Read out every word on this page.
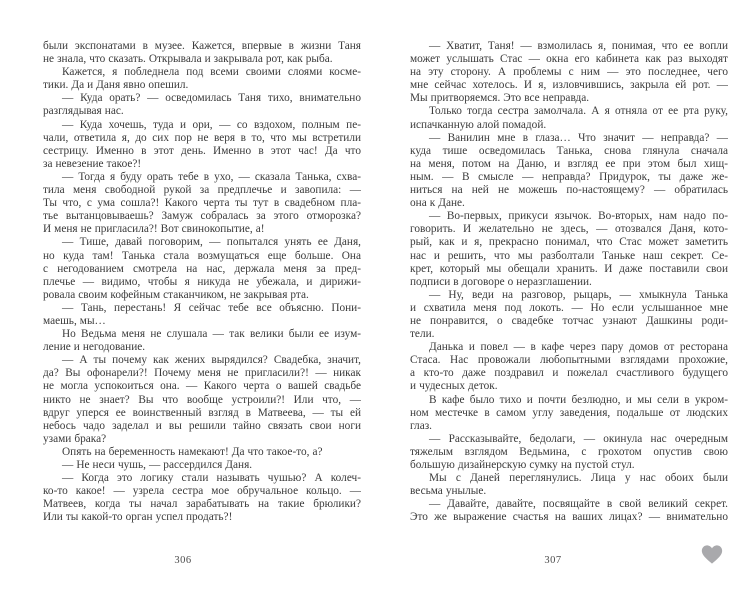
были экспонатами в музее. Кажется, впервые в жизни Таня
не знала, что сказать. Открывала и закрывала рот, как рыба.
Кажется, я побледнела под всеми своими слоями косме-
тики. Да и Даня явно опешил.
— Куда орать? — осведомилась Таня тихо, внимательно
разглядывая нас.
— Куда хочешь, туда и ори, — со вздохом, полным пе-
чали, ответила я, до сих пор не веря в то, что мы встретили
сестрицу. Именно в этот день. Именно в этот час! Да что
за невезение такое?!
— Тогда я буду орать тебе в ухо, — сказала Танька, схва-
тила меня свободной рукой за предплечье и завопила: —
Ты что, с ума сошла?! Какого черта ты тут в свадебном пла-
тье вытанцовываешь? Замуж собралась за этого отморозка?
И меня не пригласила?! Вот свинокопытие, а!
— Тише, давай поговорим, — попытался унять ее Даня,
но куда там! Танька стала возмущаться еще больше. Она
с негодованием смотрела на нас, держала меня за пред-
плечье — видимо, чтобы я никуда не убежала, и дирижи-
ровала своим кофейным стаканчиком, не закрывая рта.
— Тань, перестань! Я сейчас тебе все объясню. Пони-
маешь, мы…
Но Ведьма меня не слушала — так велики были ее изум-
ление и негодование.
— А ты почему как жених вырядился? Свадебка, значит,
да? Вы офонарели?! Почему меня не пригласили?! — никак
не могла успокоиться она. — Какого черта о вашей свадьбе
никто не знает? Вы что вообще устроили?! Или что, —
вдруг уперся ее воинственный взгляд в Матвеева, — ты ей
небось чадо заделал и вы решили тайно связать свои ноги
узами брака?
Опять на беременность намекают! Да что такое-то, а?
— Не неси чушь, — рассердился Даня.
— Когда это логику стали называть чушью? А колеч-
ко-то какое! — узрела сестра мое обручальное кольцо. —
Матвеев, когда ты начал зарабатывать на такие брюлики?
Или ты какой-то орган успел продать?!
— Хватит, Таня! — взмолилась я, понимая, что ее вопли
может услышать Стас — окна его кабинета как раз выходят
на эту сторону. А проблемы с ним — это последнее, чего
мне сейчас хотелось. И я, изловчившись, закрыла ей рот. —
Мы притворяемся. Это все неправда.
Только тогда сестра замолчала. А я отняла от ее рта руку,
испачканную алой помадой.
— Ванилин мне в глаза… Что значит — неправда? —
куда тише осведомилась Танька, снова глянула сначала
на меня, потом на Даню, и взгляд ее при этом был хищ-
ным. — В смысле — неправда? Придурок, ты даже же-
ниться на ней не можешь по-настоящему? — обратилась
она к Дане.
— Во-первых, прикуси язычок. Во-вторых, нам надо по-
говорить. И желательно не здесь, — отозвался Даня, кото-
рый, как и я, прекрасно понимал, что Стас может заметить
нас и решить, что мы разболтали Таньке наш секрет. Се-
крет, который мы обещали хранить. И даже поставили свои
подписи в договоре о неразглашении.
— Ну, веди на разговор, рыцарь, — хмыкнула Танька
и схватила меня под локоть. — Но если услышанное мне
не понравится, о свадебке тотчас узнают Дашкины роди-
тели.
Данька и повел — в кафе через пару домов от ресторана
Стаса. Нас провожали любопытными взглядами прохожие,
а кто-то даже поздравил и пожелал счастливого будущего
и чудесных деток.
В кафе было тихо и почти безлюдно, и мы сели в укром-
ном местечке в самом углу заведения, подальше от людских
глаз.
— Рассказывайте, бедолаги, — окинула нас очередным
тяжелым взглядом Ведьмина, с грохотом опустив свою
большую дизайнерскую сумку на пустой стул.
Мы с Даней переглянулись. Лица у нас обоих были
весьма унылые.
— Давайте, давайте, посвящайте в свой великий секрет.
Это же выражение счастья на ваших лицах? — внимательно
306	307
